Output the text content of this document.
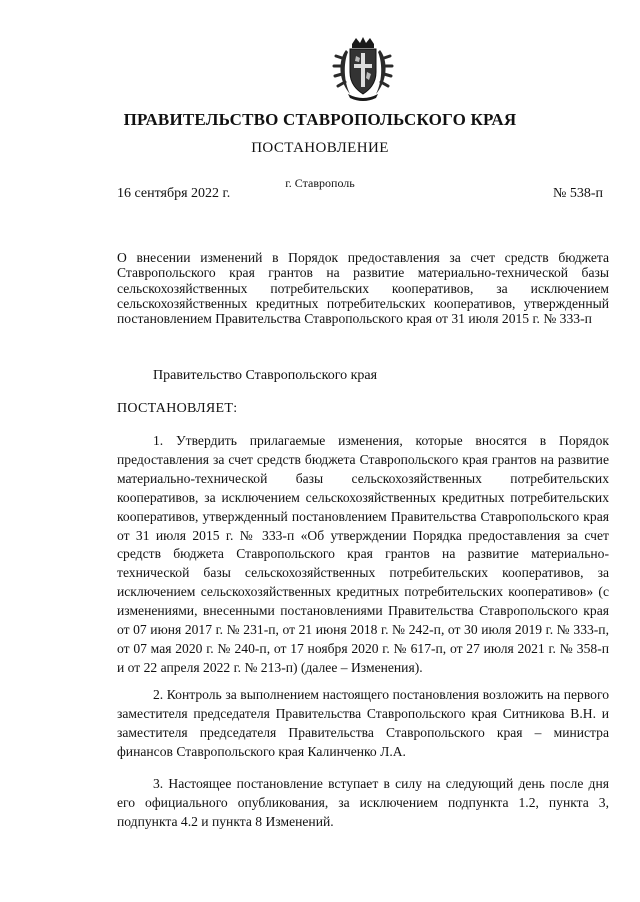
ПРАВИТЕЛЬСТВО СТАВРОПОЛЬСКОГО КРАЯ
ПОСТАНОВЛЕНИЕ
г. Ставрополь
16 сентября 2022 г.	№ 538-п
О внесении изменений в Порядок предоставления за счет средств бюджета Ставропольского края грантов на развитие материально-технической базы сельскохозяйственных потребительских кооперативов, за исключением сельскохозяйственных кредитных потребительских кооперативов, утвержденный постановлением Правительства Ставропольского края от 31 июля 2015 г. № 333-п
Правительство Ставропольского края
ПОСТАНОВЛЯЕТ:
1. Утвердить прилагаемые изменения, которые вносятся в Порядок предоставления за счет средств бюджета Ставропольского края грантов на развитие материально-технической базы сельскохозяйственных потребительских кооперативов, за исключением сельскохозяйственных кредитных потребительских кооперативов, утвержденный постановлением Правительства Ставропольского края от 31 июля 2015 г. № 333-п «Об утверждении Порядка предоставления за счет средств бюджета Ставропольского края грантов на развитие материально-технической базы сельскохозяйственных потребительских кооперативов, за исключением сельскохозяйственных кредитных потребительских кооперативов» (с изменениями, внесенными постановлениями Правительства Ставропольского края от 07 июня 2017 г. № 231-п, от 21 июня 2018 г. № 242-п, от 30 июля 2019 г. № 333-п, от 07 мая 2020 г. № 240-п, от 17 ноября 2020 г. № 617-п, от 27 июля 2021 г. № 358-п и от 22 апреля 2022 г. № 213-п) (далее – Изменения).
2. Контроль за выполнением настоящего постановления возложить на первого заместителя председателя Правительства Ставропольского края Ситникова В.Н. и заместителя председателя Правительства Ставропольского края – министра финансов Ставропольского края Калинченко Л.А.
3. Настоящее постановление вступает в силу на следующий день после дня его официального опубликования, за исключением подпункта 1.2, пункта 3, подпункта 4.2 и пункта 8 Изменений.
